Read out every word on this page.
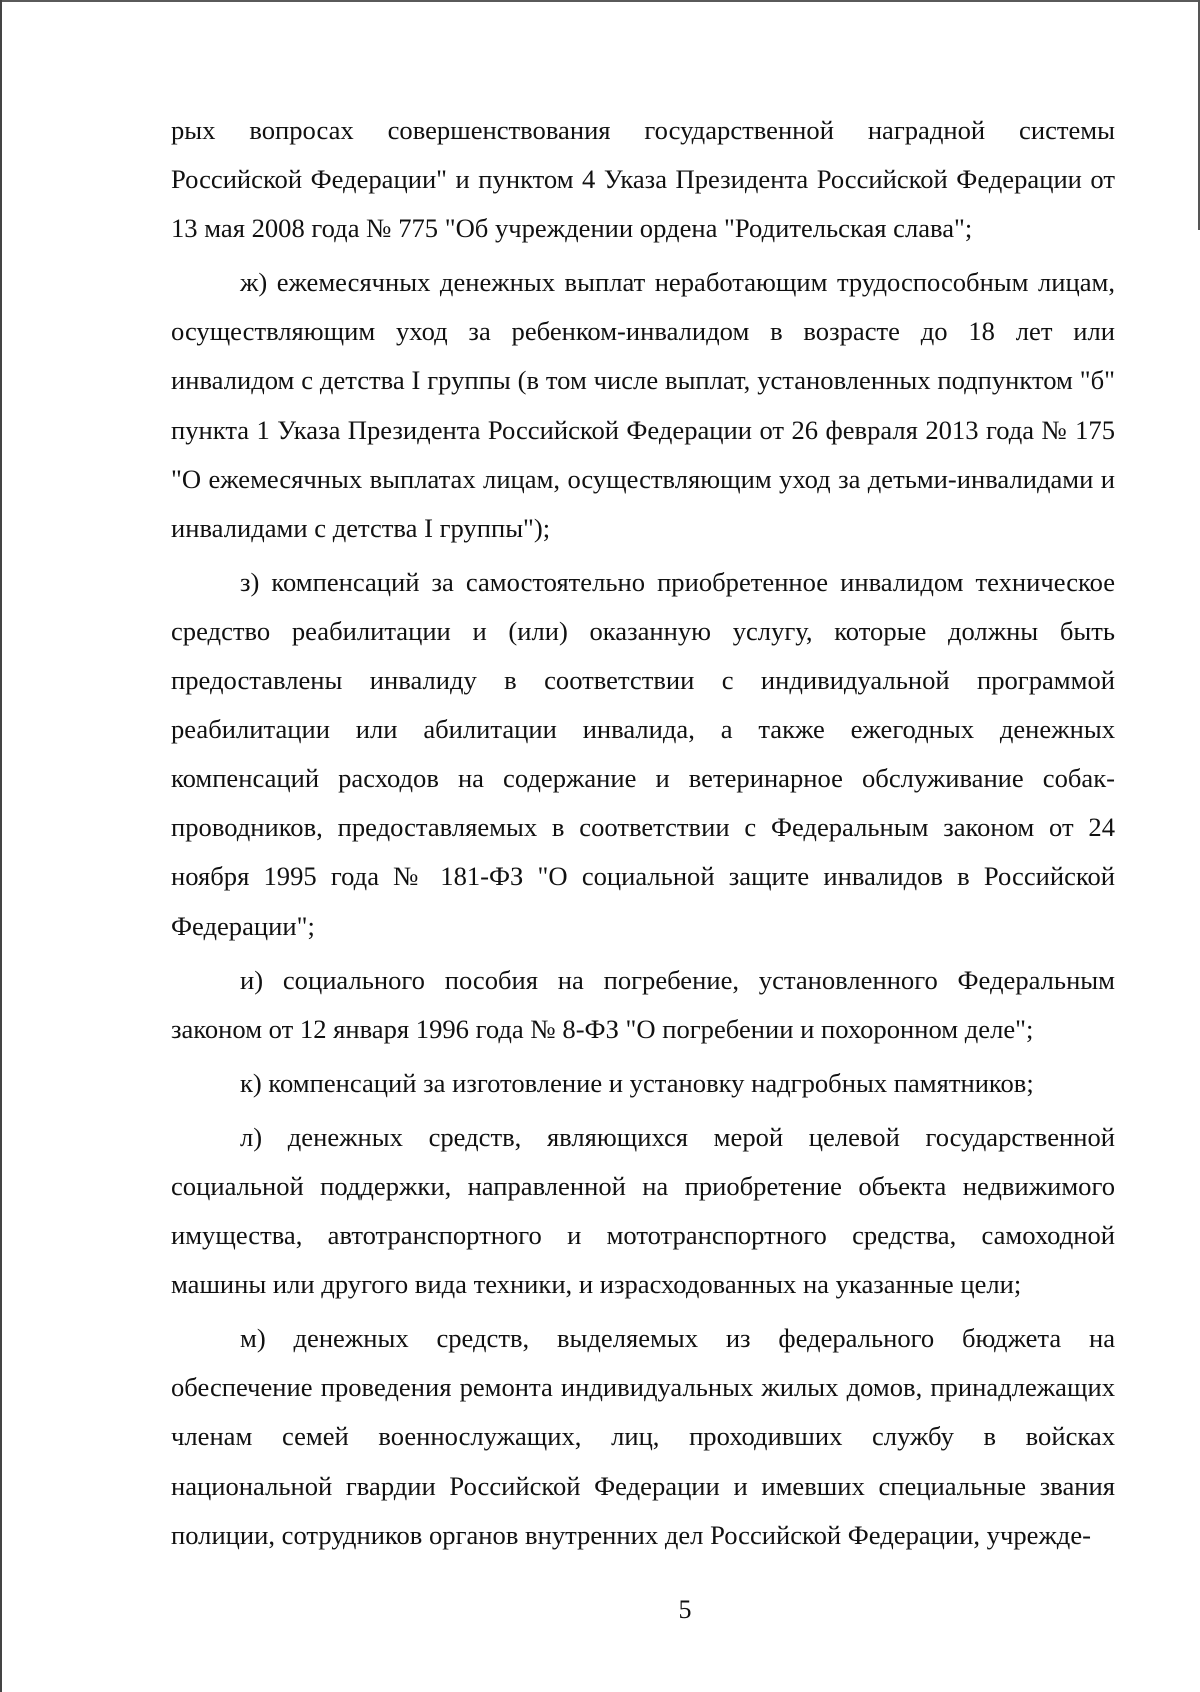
рых вопросах совершенствования государственной наградной системы Российской Федерации" и пунктом 4 Указа Президента Российской Федерации от 13 мая 2008 года № 775 "Об учреждении ордена "Родительская слава";

ж) ежемесячных денежных выплат неработающим трудоспособным лицам, осуществляющим уход за ребенком-инвалидом в возрасте до 18 лет или инвалидом с детства I группы (в том числе выплат, установленных подпунктом "б" пункта 1 Указа Президента Российской Федерации от 26 февраля 2013 года № 175 "О ежемесячных выплатах лицам, осуществляющим уход за детьми-инвалидами и инвалидами с детства I группы");

з) компенсаций за самостоятельно приобретенное инвалидом техническое средство реабилитации и (или) оказанную услугу, которые должны быть предоставлены инвалиду в соответствии с индивидуальной программой реабилитации или абилитации инвалида, а также ежегодных денежных компенсаций расходов на содержание и ветеринарное обслуживание собак-проводников, предоставляемых в соответствии с Федеральным законом от 24 ноября 1995 года № 181-ФЗ "О социальной защите инвалидов в Российской Федерации";

и) социального пособия на погребение, установленного Федеральным законом от 12 января 1996 года № 8-ФЗ "О погребении и похоронном деле";

к) компенсаций за изготовление и установку надгробных памятников;

л) денежных средств, являющихся мерой целевой государственной социальной поддержки, направленной на приобретение объекта недвижимого имущества, автотранспортного и мототранспортного средства, самоходной машины или другого вида техники, и израсходованных на указанные цели;

м) денежных средств, выделяемых из федерального бюджета на обеспечение проведения ремонта индивидуальных жилых домов, принадлежащих членам семей военнослужащих, лиц, проходивших службу в войсках национальной гвардии Российской Федерации и имевших специальные звания полиции, сотрудников органов внутренних дел Российской Федерации, учрежде-

5
